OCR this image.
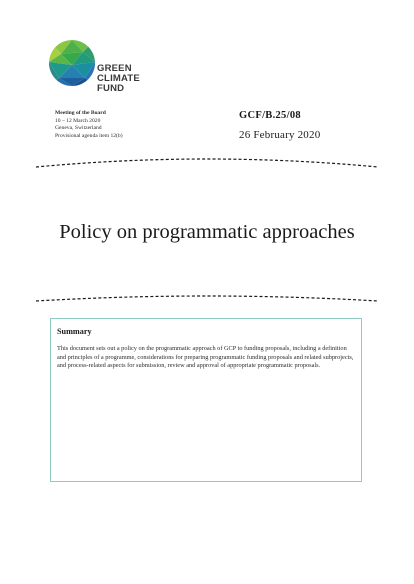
GREEN
CLIMATE
FUND
Meeting of the Board
10 – 12 March 2020
Geneva, Switzerland
Provisional agenda item 12(b)
GCF/B.25/08
26 February 2020
Policy on programmatic approaches
Summary
This document sets out a policy on the programmatic approach of GCP to funding proposals, including a definition and principles of a programme, considerations for preparing programmatic funding proposals and related subprojects, and process-related aspects for submission, review and approval of appropriate programmatic proposals.
